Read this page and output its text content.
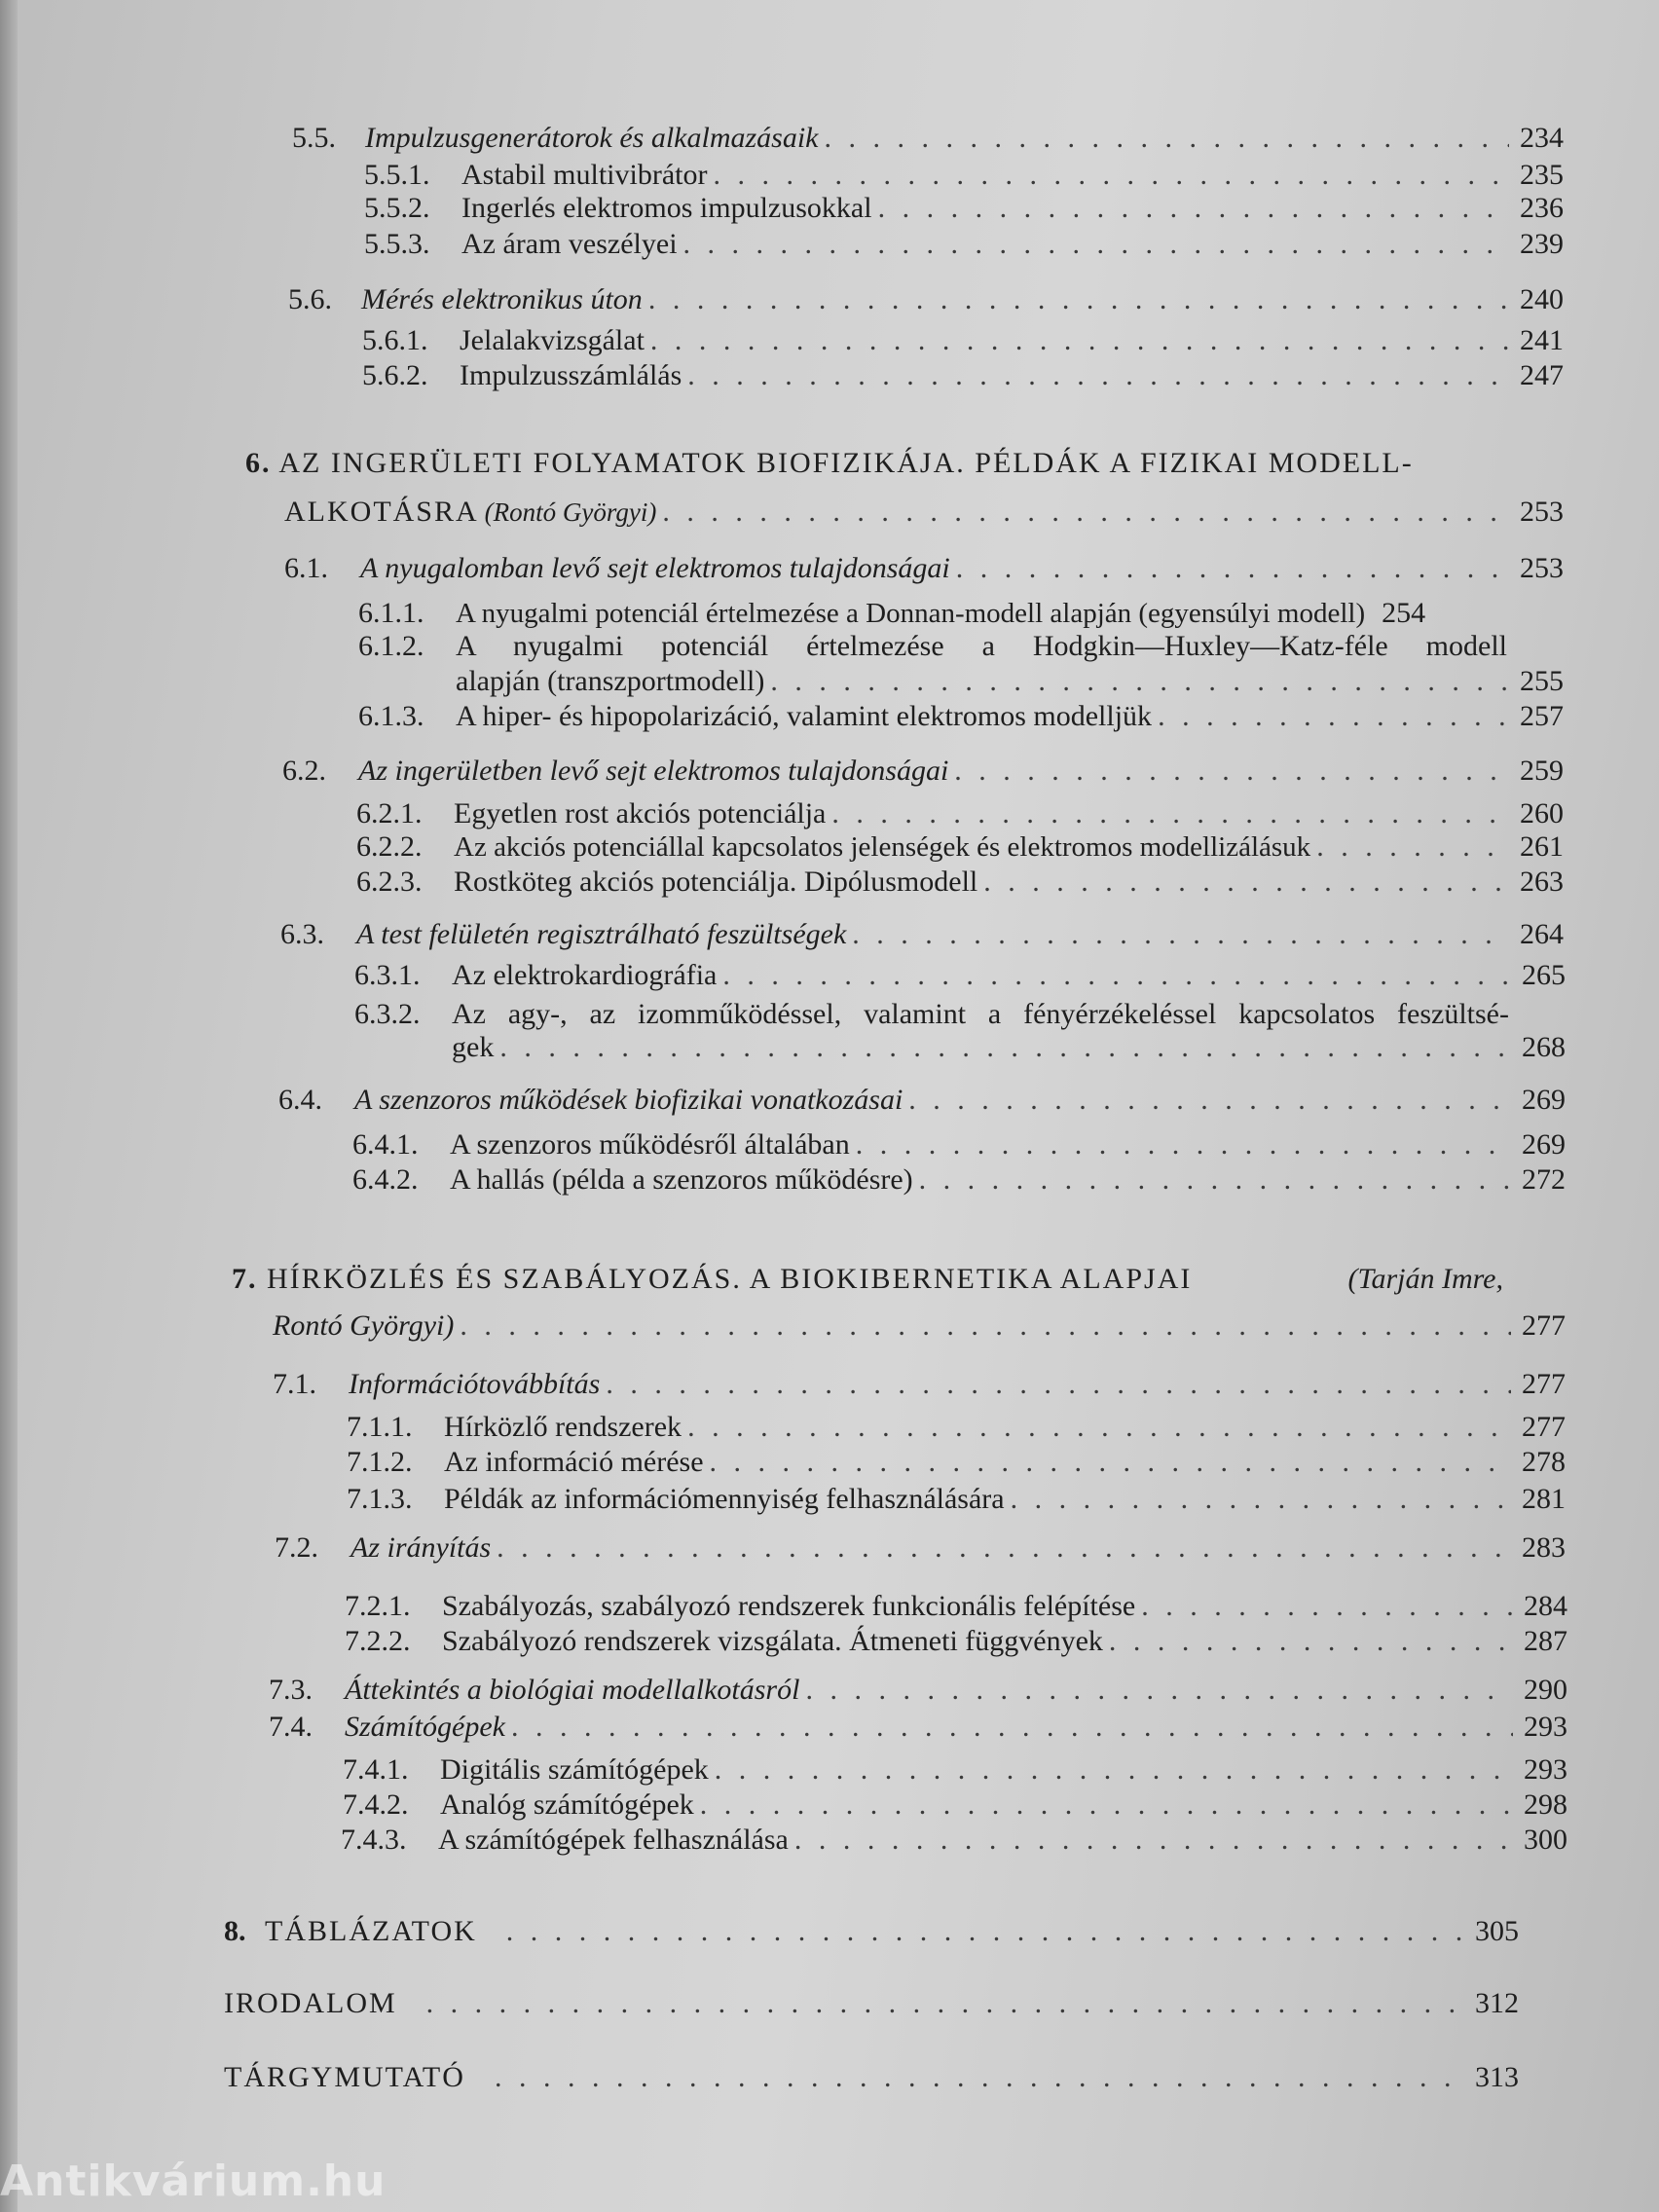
5.5.	Impulzusgenerátorok és alkalmazásaik . . .	234
5.5.1.	Astabil multivibrátor . . .	235
5.5.2.	Ingerlés elektromos impulzusokkal . . .	236
5.5.3.	Az áram veszélyei . . .	239
5.6.	Mérés elektronikus úton . . .	240
5.6.1.	Jelalakvizsgálat . . .	241
5.6.2.	Impulzusszámlálás . . .	247
6. AZ INGERÜLETI FOLYAMATOK BIOFIZIKÁJA. PÉLDÁK A FIZIKAI MODELL-
ALKOTÁSRA (Rontó Györgyi) . . .	253
6.1.	A nyugalomban levő sejt elektromos tulajdonságai . . .	253
6.1.1.	A nyugalmi potenciál értelmezése a Donnan-modell alapján (egyensúlyi modell) 254
6.1.2.	A nyugalmi potenciál értelmezése a Hodgkin—Huxley—Katz-féle modell
alapján (transzportmodell) . . .	255
6.1.3.	A hiper- és hipopolarizáció, valamint elektromos modelljük . . .	257
6.2.	Az ingerületben levő sejt elektromos tulajdonságai . . .	259
6.2.1.	Egyetlen rost akciós potenciálja . . .	260
6.2.2.	Az akciós potenciállal kapcsolatos jelenségek és elektromos modellizálásuk . . .	261
6.2.3.	Rostköteg akciós potenciálja. Dipólusmodell . . .	263
6.3.	A test felületén regisztrálható feszültségek . . .	264
6.3.1.	Az elektrokardiográfia . . .	265
6.3.2.	Az agy-, az izomműködéssel, valamint a fényérzékeléssel kapcsolatos feszültsé-
gek . . .	268
6.4.	A szenzoros működések biofizikai vonatkozásai . . .	269
6.4.1.	A szenzoros működésről általában . . .	269
6.4.2.	A hallás (példa a szenzoros működésre) . . .	272
7. HÍRKÖZLÉS ÉS SZABÁLYOZÁS. A BIOKIBERNETIKA ALAPJAI	(Tarján Imre,
Rontó Györgyi) . . .	277
7.1.	Információtovábbítás . . .	277
7.1.1.	Hírközlő rendszerek . . .	277
7.1.2.	Az információ mérése . . .	278
7.1.3.	Példák az információmennyiség felhasználására . . .	281
7.2.	Az irányítás . . .	283
7.2.1.	Szabályozás, szabályozó rendszerek funkcionális felépítése . . .	284
7.2.2.	Szabályozó rendszerek vizsgálata. Átmeneti függvények . . .	287
7.3.	Áttekintés a biológiai modellalkotásról . . .	290
7.4.	Számítógépek . . .	293
7.4.1.	Digitális számítógépek . . .	293
7.4.2.	Analóg számítógépek . . .	298
7.4.3.	A számítógépek felhasználása . . .	300
8. TÁBLÁZATOK . . .	305
IRODALOM . . .	312
TÁRGYMUTATÓ . . .	313
Antikvárium.hu
